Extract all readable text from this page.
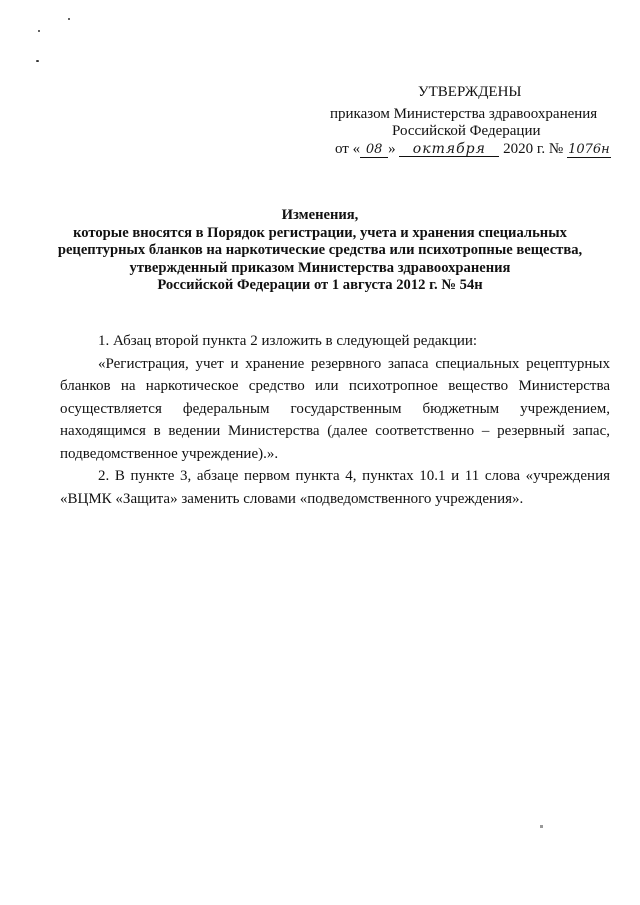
УТВЕРЖДЕНЫ
приказом Министерства здравоохранения
Российской Федерации
от « 08 » октября 2020 г. № 1076н
Изменения,
которые вносятся в Порядок регистрации, учета и хранения специальных
рецептурных бланков на наркотические средства или психотропные вещества,
утвержденный приказом Министерства здравоохранения
Российской Федерации от 1 августа 2012 г. № 54н

1. Абзац второй пункта 2 изложить в следующей редакции:

«Регистрация, учет и хранение резервного запаса специальных рецептурных бланков на наркотическое средство или психотропное вещество Министерства осуществляется федеральным государственным бюджетным учреждением, находящимся в ведении Министерства (далее соответственно – резервный запас, подведомственное учреждение).».

2. В пункте 3, абзаце первом пункта 4, пунктах 10.1 и 11 слова «учреждения «ВЦМК «Защита» заменить словами «подведомственного учреждения».
